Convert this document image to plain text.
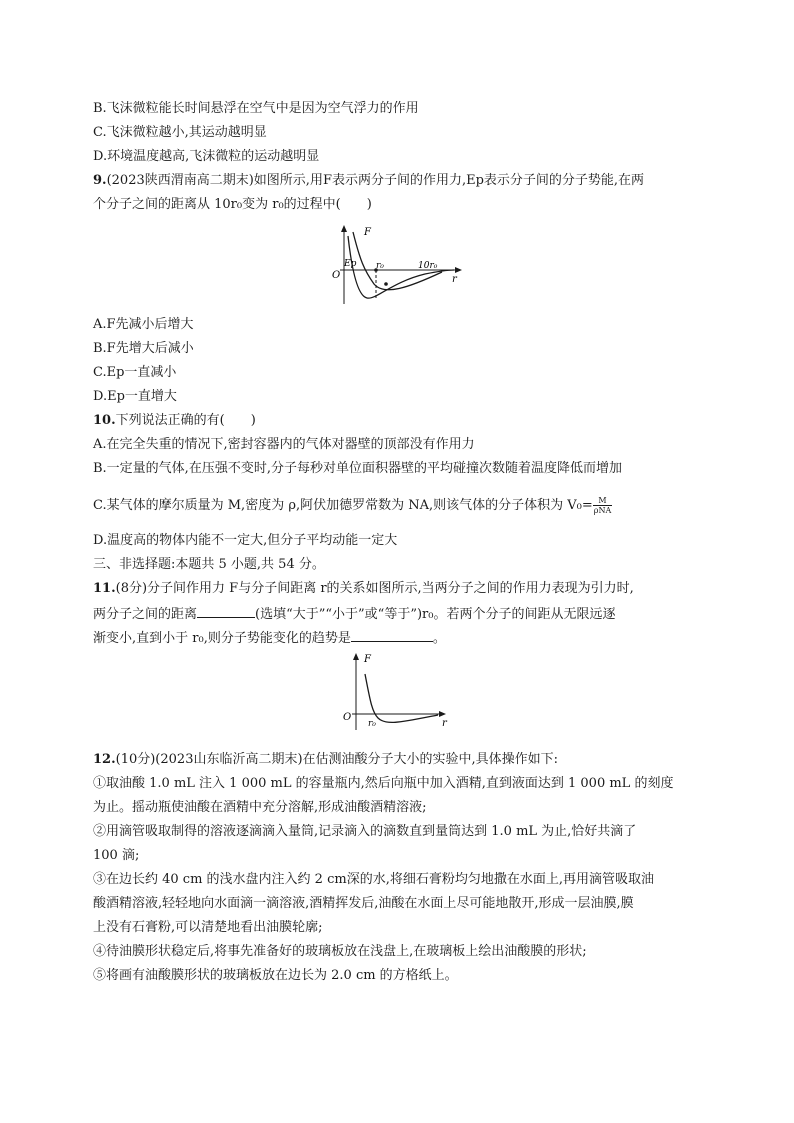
B.飞沫微粒能长时间悬浮在空气中是因为空气浮力的作用
C.飞沫微粒越小,其运动越明显
D.环境温度越高,飞沫微粒的运动越明显
9.(2023陕西渭南高二期末)如图所示,用F表示两分子间的作用力,Ep表示分子间的分子势能,在两
个分子之间的距离从 10r₀变为 r₀的过程中(　　)
F
Ep
O
r₀	10r₀
r
A.F先减小后增大
B.F先增大后减小
C.Ep一直减小
D.Ep一直增大
10.下列说法正确的有(　　)
A.在完全失重的情况下,密封容器内的气体对器壁的顶部没有作用力
B.一定量的气体,在压强不变时,分子每秒对单位面积器壁的平均碰撞次数随着温度降低而增加
C.某气体的摩尔质量为 M,密度为 ρ,阿伏加德罗常数为 NA,则该气体的分子体积为 $V_0= \frac{M}{\text{ρNA}}$
D.温度高的物体内能不一定大,但分子平均动能一定大
三、非选择题:本题共 5 小题,共 54 分。
11.(8分)分子间作用力 F与分子间距离 r的关系如图所示,当两分子之间的作用力表现为引力时,
两分子之间的距离	(选填“大于”“小于”或“等于”)r₀。若两个分子的间距从无限远逐
渐变小,直到小于 r₀,则分子势能变化的趋势是	。
F
O
r₀	r
12.(10分)(2023山东临沂高二期末)在估测油酸分子大小的实验中,具体操作如下:
①取油酸 1.0 mL 注入 1 000 mL 的容量瓶内,然后向瓶中加入酒精,直到液面达到 1 000 mL 的刻度
为止。摇动瓶使油酸在酒精中充分溶解,形成油酸酒精溶液;
②用滴管吸取制得的溶液逐滴滴入量筒,记录滴入的滴数直到量筒达到 1.0 mL 为止,恰好共滴了
100 滴;
③在边长约 40 cm 的浅水盘内注入约 2 cm深的水,将细石膏粉均匀地撒在水面上,再用滴管吸取油
酸酒精溶液,轻轻地向水面滴一滴溶液,酒精挥发后,油酸在水面上尽可能地散开,形成一层油膜,膜
上没有石膏粉,可以清楚地看出油膜轮廓;
④待油膜形状稳定后,将事先准备好的玻璃板放在浅盘上,在玻璃板上绘出油酸膜的形状;
⑤将画有油酸膜形状的玻璃板放在边长为 2.0 cm 的方格纸上。
